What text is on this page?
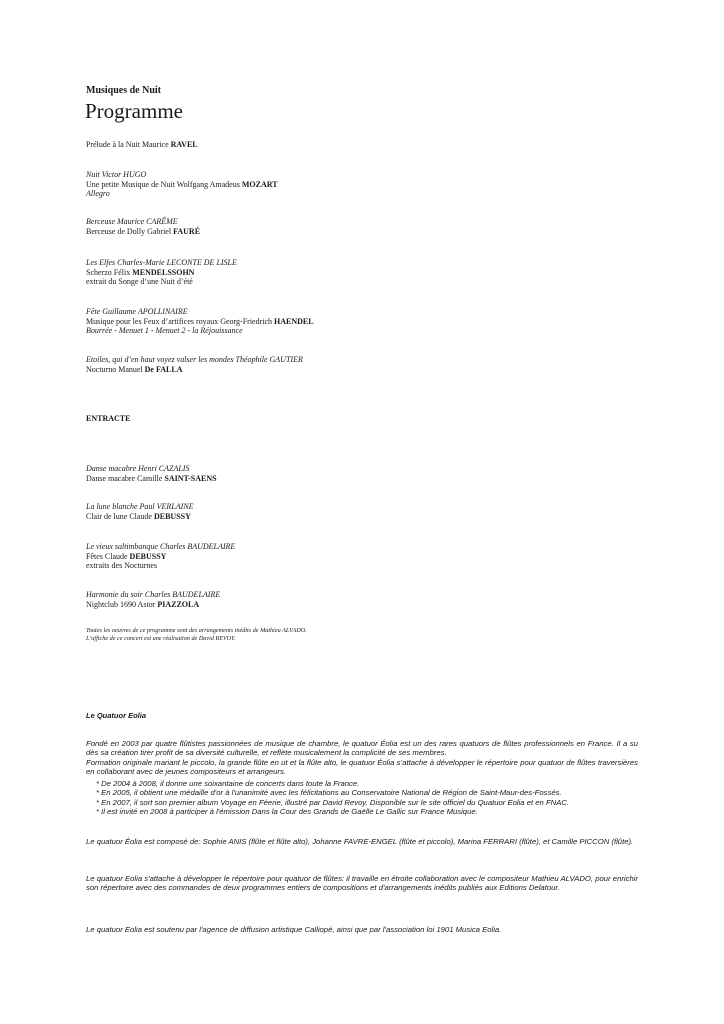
Musiques de Nuit
Programme
Prélude à la Nuit Maurice RAVEL
Nuit Victor HUGO
Une petite Musique de Nuit Wolfgang Amadeus MOZART
Allegro
Berceuse Maurice CARÊME
Berceuse de Dolly Gabriel FAURÉ
Les Elfes Charles-Marie LECONTE DE LISLE
Scherzo Félix MENDELSSOHN
extrait du Songe d’une Nuit d’été
Fête Guillaume APOLLINAIRE
Musique pour les Feux d’artifices royaux Georg-Friedrich HAENDEL
Bourrée - Menuet 1 - Menuet 2 - la Réjouissance
Etoiles, qui d’en haut voyez valser les mondes Théophile GAUTIER
Nocturno Manuel De FALLA
ENTRACTE
Danse macabre Henri CAZALIS
Danse macabre Camille SAINT-SAENS
La lune blanche Paul VERLAINE
Clair de lune Claude DEBUSSY
Le vieux saltimbanque Charles BAUDELAIRE
Fêtes Claude DEBUSSY
extraits des Nocturnes
Harmonie du soir Charles BAUDELAIRE
Nightclub 1690 Astor PIAZZOLA
Toutes les oeuvres de ce programme sont des arrangements inédits de Mathieu ALVADO.
L’affiche de ce concert est une réalisation de David REVOY.
Le Quatuor Eolia
Fondé en 2003 par quatre flûtistes passionnées de musique de chambre, le quatuor Éolia est un des rares quatuors de flûtes professionnels en France. Il a su dès sa création tirer profit de sa diversité culturelle, et reflète musicalement la complicité de ses membres.
Formation originale mariant le piccolo, la grande flûte en ut et la flûte alto, le quatuor Éolia s’attache à développer le répertoire pour quatuor de flûtes traversières en collaborant avec de jeunes compositeurs et arrangeurs.
* De 2004 à 2008, il donne une soixantaine de concerts dans toute la France.
* En 2005, il obtient une médaille d'or à l'unanimité avec les félicitations au Conservatoire National de Région de Saint-Maur-des-Fossés.
* En 2007, il sort son premier album Voyage en Féerie, illustré par David Revoy. Disponible sur le site officiel du Quatuor Eolia et en FNAC.
* Il est invité en 2008 à participer à l'émission Dans la Cour des Grands de Gaëlle Le Gallic sur France Musique.
Le quatuor Éolia est composé de: Sophie ANIS (flûte et flûte alto), Johanne FAVRE-ENGEL (flûte et piccolo), Marina FERRARI (flûte), et Camille PICCON (flûte).
Le quatuor Eolia s'attache à développer le répertoire pour quatuor de flûtes: il travaille en étroite collaboration avec le compositeur Mathieu ALVADO, pour enrichir son répertoire avec des commandes de deux programmes entiers de compositions et d'arrangements inédits publiés aux Editions Delatour.
Le quatuor Eolia est soutenu par l'agence de diffusion artistique Calliopé, ainsi que par l'association loi 1901 Musica Eolia.
